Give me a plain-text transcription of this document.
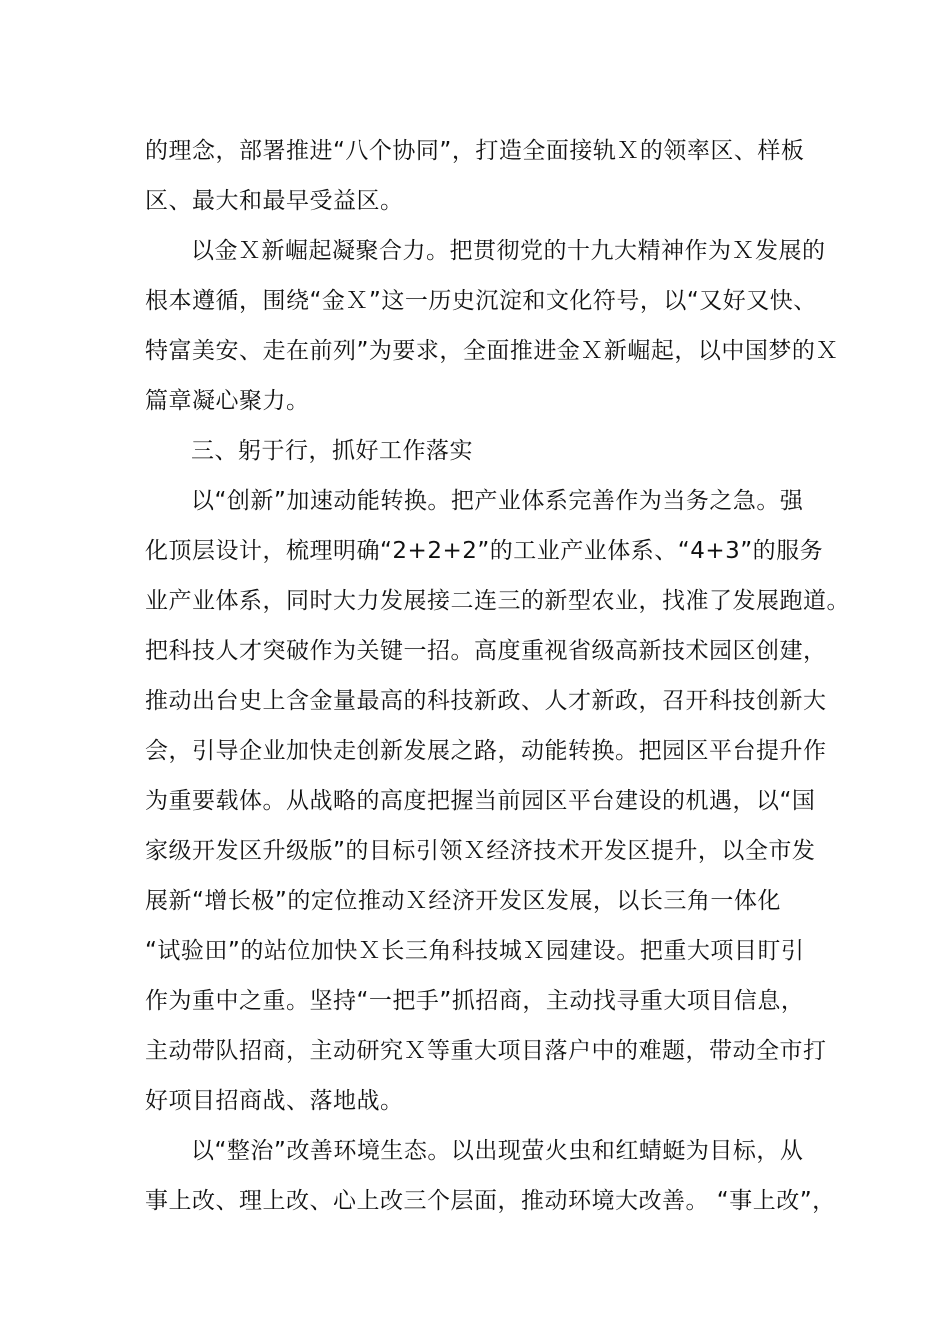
的理念，部署推进“八个协同”，打造全面接轨Ｘ的领率区、样板
区、最大和最早受益区。
以金Ｘ新崛起凝聚合力。把贯彻党的十九大精神作为Ｘ发展的
根本遵循，围绕“金Ｘ”这一历史沉淀和文化符号，以“又好又快、
特富美安、走在前列”为要求，全面推进金Ｘ新崛起，以中国梦的Ｘ
篇章凝心聚力。
三、躬于行，抓好工作落实
以“创新”加速动能转换。把产业体系完善作为当务之急。强
化顶层设计，梳理明确“2+2+2”的工业产业体系、“4+3”的服务
业产业体系，同时大力发展接二连三的新型农业，找准了发展跑道。
把科技人才突破作为关键一招。高度重视省级高新技术园区创建，
推动出台史上含金量最高的科技新政、人才新政，召开科技创新大
会，引导企业加快走创新发展之路，动能转换。把园区平台提升作
为重要载体。从战略的高度把握当前园区平台建设的机遇，以“国
家级开发区升级版”的目标引领Ｘ经济技术开发区提升，以全市发
展新“增长极”的定位推动Ｘ经济开发区发展，以长三角一体化
“试验田”的站位加快Ｘ长三角科技城Ｘ园建设。把重大项目盯引
作为重中之重。坚持“一把手”抓招商，主动找寻重大项目信息，
主动带队招商，主动研究Ｘ等重大项目落户中的难题，带动全市打
好项目招商战、落地战。
以“整治”改善环境生态。以出现萤火虫和红蜻蜓为目标，从
事上改、理上改、心上改三个层面，推动环境大改善。 “事上改”，
